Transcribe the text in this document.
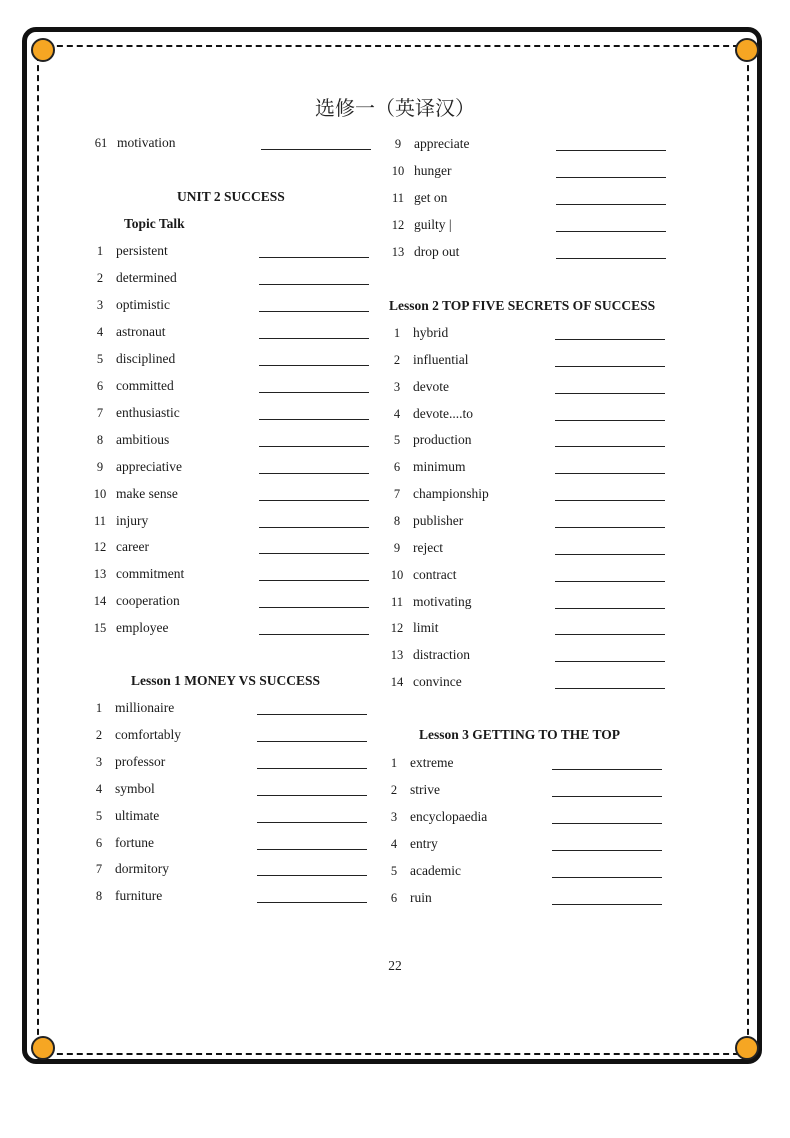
选修一（英译汉）
UNIT 2 SUCCESS
Topic Talk
Lesson 1 MONEY VS SUCCESS
Lesson 2 TOP FIVE SECRETS OF SUCCESS
Lesson 3 GETTING TO THE TOP
61 motivation
1 persistent
2 determined
3 optimistic
4 astronaut
5 disciplined
6 committed
7 enthusiastic
8 ambitious
9 appreciative
10 make sense
11 injury
12 career
13 commitment
14 cooperation
15 employee
1 millionaire
2 comfortably
3 professor
4 symbol
5 ultimate
6 fortune
7 dormitory
8 furniture
9 appreciate
10 hunger
11 get on
12 guilty |
13 drop out
1 hybrid
2 influential
3 devote
4 devote....to
5 production
6 minimum
7 championship
8 publisher
9 reject
10 contract
11 motivating
12 limit
13 distraction
14 convince
1 extreme
2 strive
3 encyclopaedia
4 entry
5 academic
6 ruin
22
